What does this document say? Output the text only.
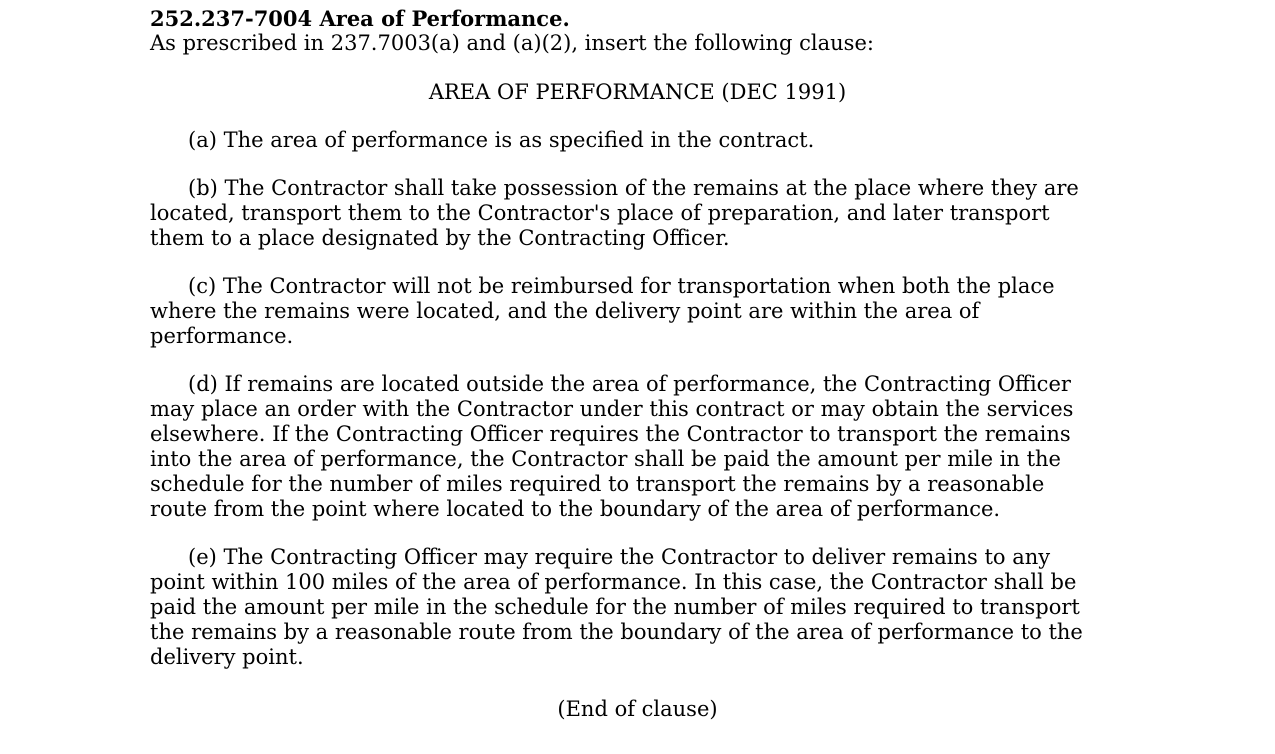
252.237-7004 Area of Performance.

As prescribed in 237.7003(a) and (a)(2), insert the following clause:

AREA OF PERFORMANCE (DEC 1991)

(a) The area of performance is as specified in the contract.

(b) The Contractor shall take possession of the remains at the place where they are

located, transport them to the Contractor's place of preparation, and later transport

them to a place designated by the Contracting Officer.

(c) The Contractor will not be reimbursed for transportation when both the place

where the remains were located, and the delivery point are within the area of

performance.

(d) If remains are located outside the area of performance, the Contracting Officer

may place an order with the Contractor under this contract or may obtain the services

elsewhere. If the Contracting Officer requires the Contractor to transport the remains

into the area of performance, the Contractor shall be paid the amount per mile in the

schedule for the number of miles required to transport the remains by a reasonable

route from the point where located to the boundary of the area of performance.

(e) The Contracting Officer may require the Contractor to deliver remains to any

point within 100 miles of the area of performance. In this case, the Contractor shall be

paid the amount per mile in the schedule for the number of miles required to transport

the remains by a reasonable route from the boundary of the area of performance to the

delivery point.

(End of clause)
